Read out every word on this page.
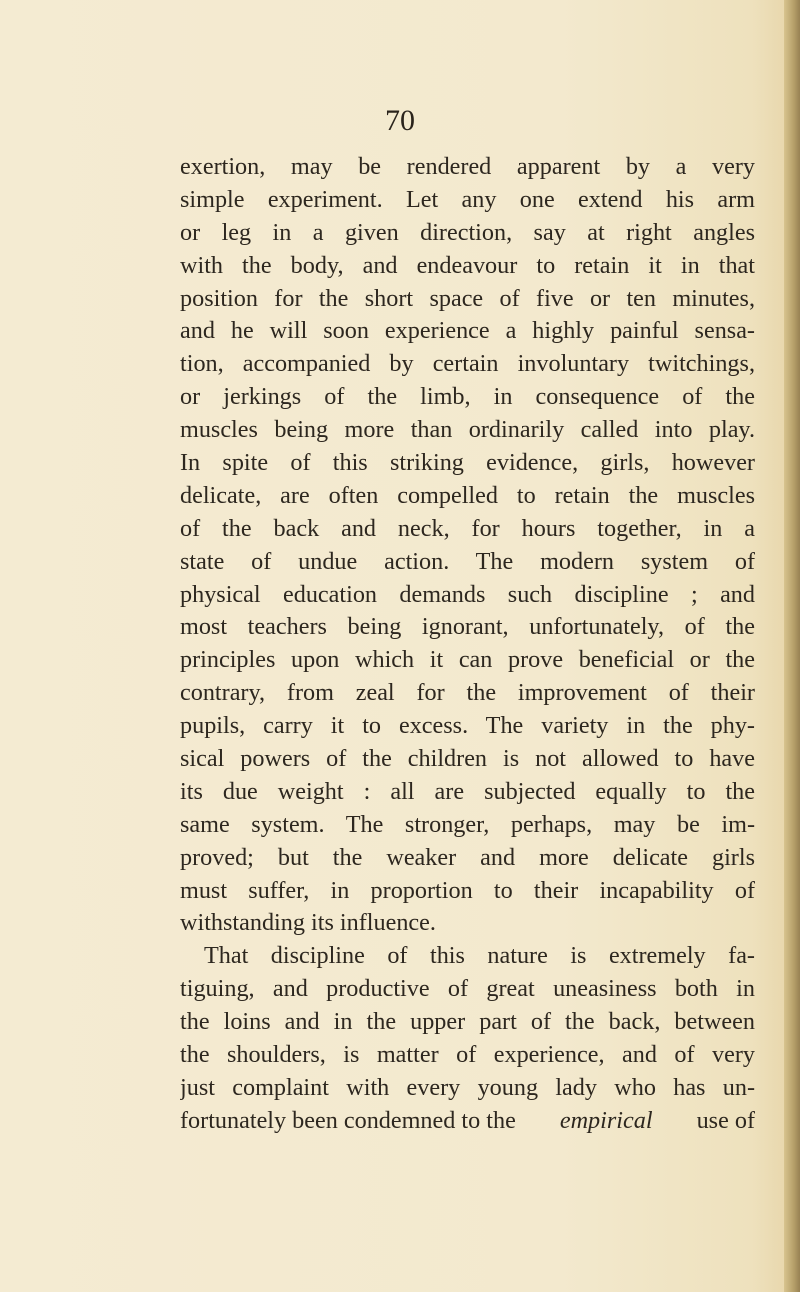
70
exertion, may be rendered apparent by a very
simple experiment. Let any one extend his arm
or leg in a given direction, say at right angles
with the body, and endeavour to retain it in that
position for the short space of five or ten minutes,
and he will soon experience a highly painful sensa-
tion, accompanied by certain involuntary twitchings,
or jerkings of the limb, in consequence of the
muscles being more than ordinarily called into play.
In spite of this striking evidence, girls, however
delicate, are often compelled to retain the muscles
of the back and neck, for hours together, in a
state of undue action. The modern system of
physical education demands such discipline ; and
most teachers being ignorant, unfortunately, of the
principles upon which it can prove beneficial or the
contrary, from zeal for the improvement of their
pupils, carry it to excess. The variety in the phy-
sical powers of the children is not allowed to have
its due weight : all are subjected equally to the
same system. The stronger, perhaps, may be im-
proved; but the weaker and more delicate girls
must suffer, in proportion to their incapability of
withstanding its influence.
That discipline of this nature is extremely fa-
tiguing, and productive of great uneasiness both in
the loins and in the upper part of the back, between
the shoulders, is matter of experience, and of very
just complaint with every young lady who has un-
fortunately been condemned to the empirical use of
